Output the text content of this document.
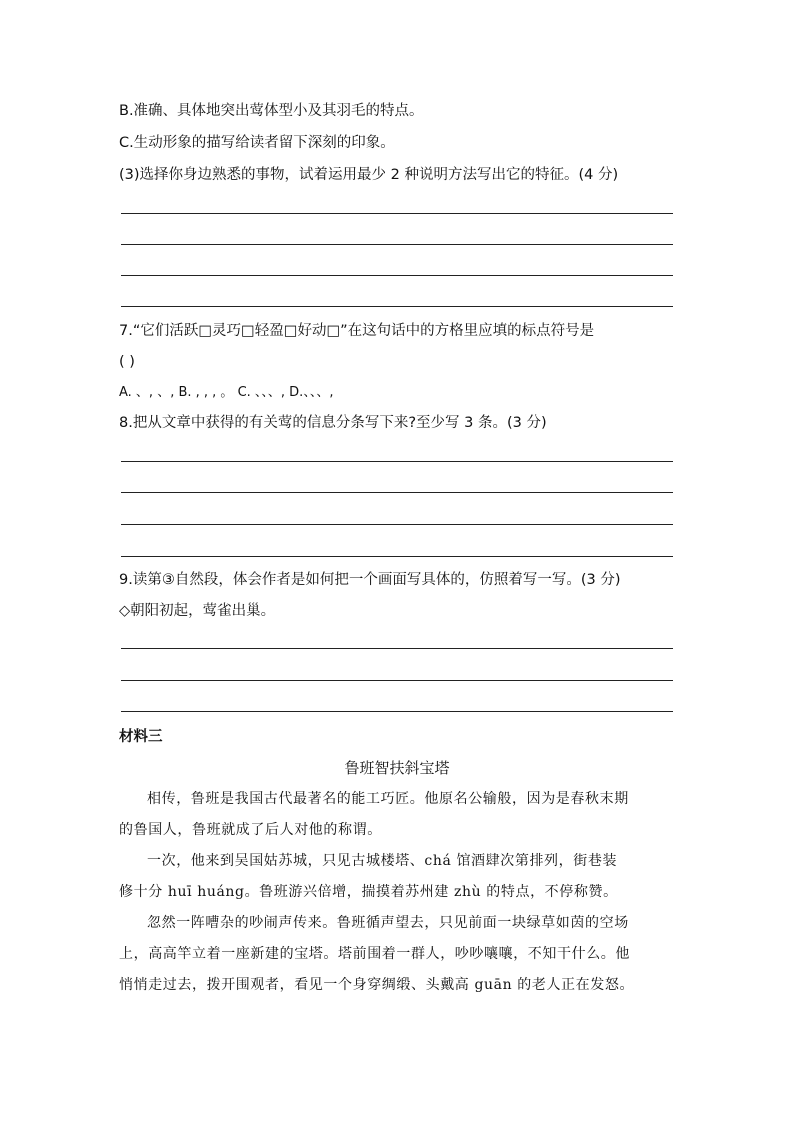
B.准确、具体地突出莺体型小及其羽毛的特点。
C.生动形象的描写给读者留下深刻的印象。
(3)选择你身边熟悉的事物，试着运用最少 2 种说明方法写出它的特征。(4 分)
7.“它们活跃□灵巧□轻盈□好动□”在这句话中的方格里应填的标点符号是
( )
A. 、, 、, B. , , , 。 C. 、、、, D.、、、,
8.把从文章中获得的有关莺的信息分条写下来?至少写 3 条。(3 分)
9.读第③自然段，体会作者是如何把一个画面写具体的，仿照着写一写。(3 分)
◇朝阳初起，莺雀出巢。
材料三
鲁班智扶斜宝塔
相传，鲁班是我国古代最著名的能工巧匠。他原名公输般，因为是春秋末期
的鲁国人，鲁班就成了后人对他的称谓。
一次，他来到吴国姑苏城，只见古城楼塔、chá 馆酒肆次第排列，街巷装
修十分 huī huáng。鲁班游兴倍增，揣摸着苏州建 zhù 的特点，不停称赞。
忽然一阵嘈杂的吵闹声传来。鲁班循声望去，只见前面一块绿草如茵的空场
上，高高竿立着一座新建的宝塔。塔前围着一群人，吵吵嚷嚷，不知干什么。他
悄悄走过去，拨开围观者，看见一个身穿绸缎、头戴高 guān 的老人正在发怒。
